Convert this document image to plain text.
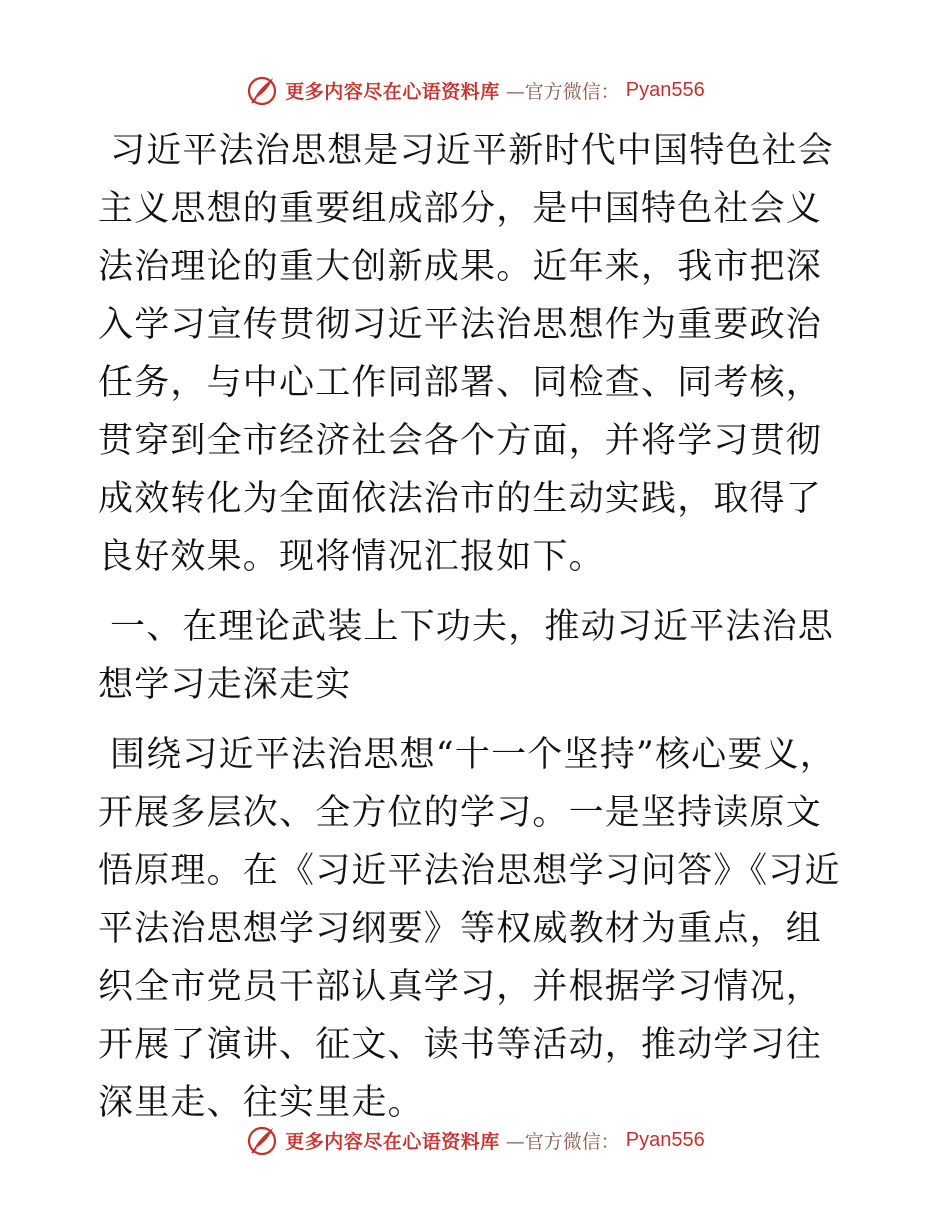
更多内容尽在心语资料库 —官方微信： Pyan556

习近平法治思想是习近平新时代中国特色社会主义思想的重要组成部分，是中国特色社会义法治理论的重大创新成果。近年来，我市把深入学习宣传贯彻习近平法治思想作为重要政治任务，与中心工作同部署、同检查、同考核，贯穿到全市经济社会各个方面，并将学习贯彻成效转化为全面依法治市的生动实践，取得了良好效果。现将情况汇报如下。

一、在理论武装上下功夫，推动习近平法治思想学习走深走实

围绕习近平法治思想“十一个坚持”核心要义，开展多层次、全方位的学习。一是坚持读原文悟原理。在《习近平法治思想学习问答》《习近平法治思想学习纲要》等权威教材为重点，组织全市党员干部认真学习，并根据学习情况，开展了演讲、征文、读书等活动，推动学习往深里走、往实里走。

更多内容尽在心语资料库 —官方微信： Pyan556
